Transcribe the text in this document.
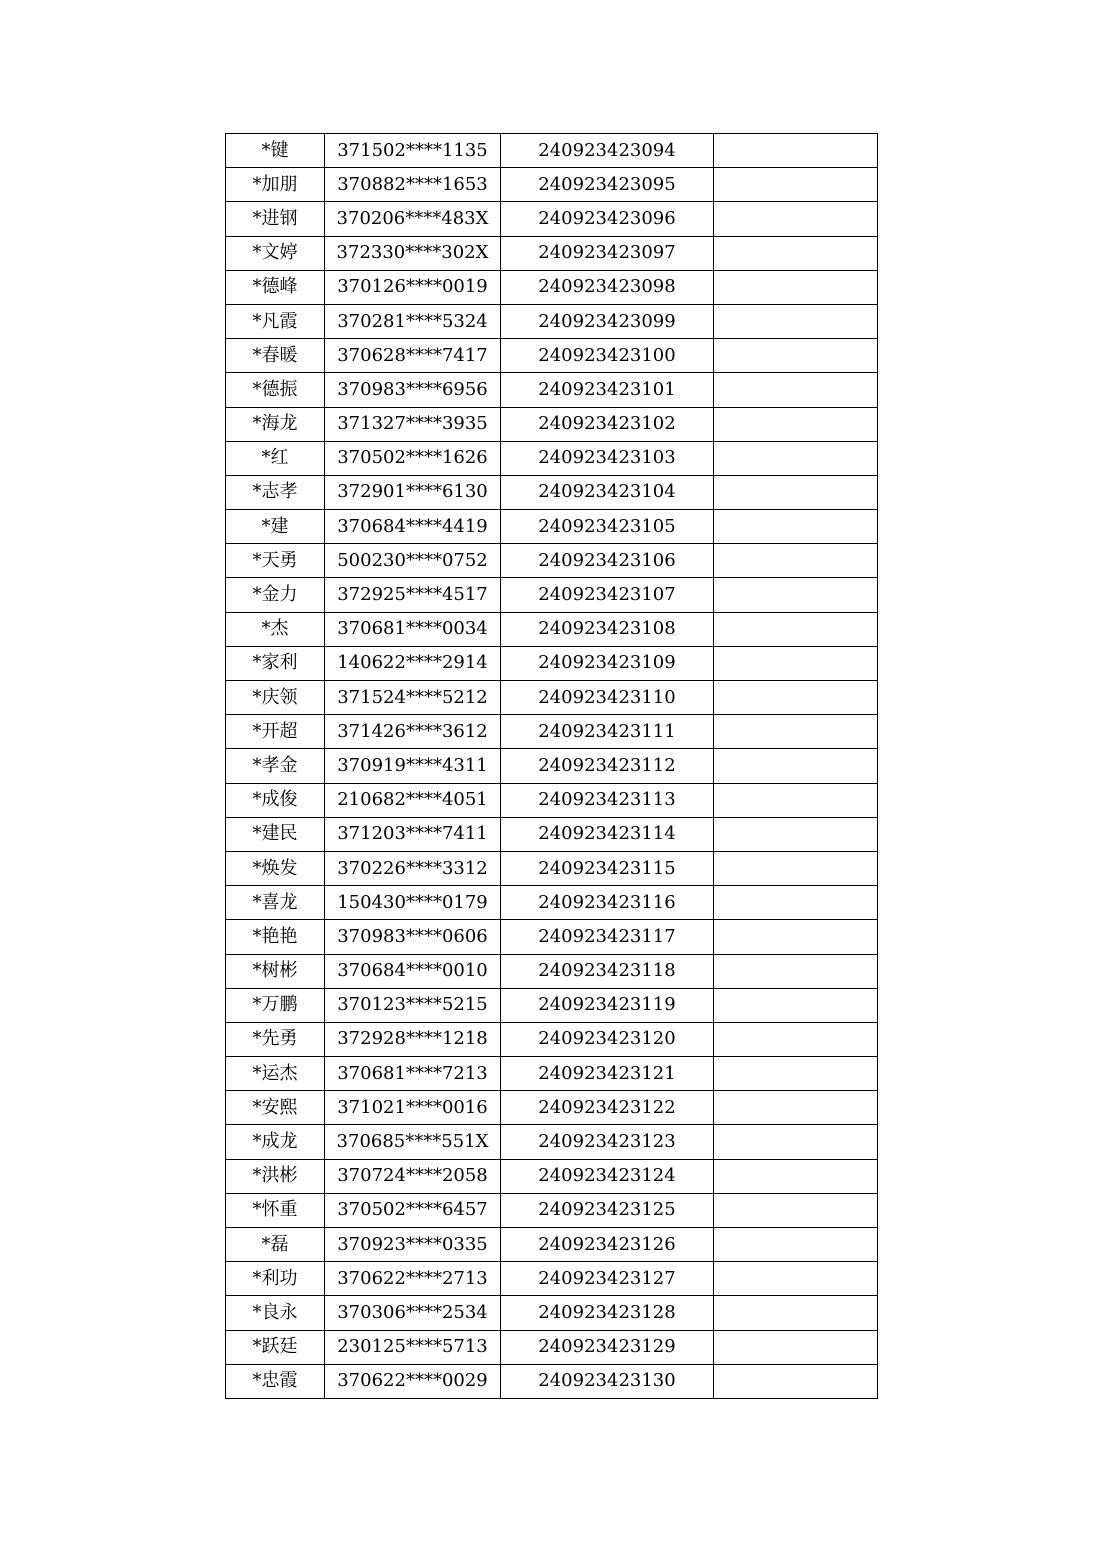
*键	371502****1135	240923423094	
*加朋	370882****1653	240923423095	
*进钢	370206****483X	240923423096	
*文婷	372330****302X	240923423097	
*德峰	370126****0019	240923423098	
*凡霞	370281****5324	240923423099	
*春暖	370628****7417	240923423100	
*德振	370983****6956	240923423101	
*海龙	371327****3935	240923423102	
*红	370502****1626	240923423103	
*志孝	372901****6130	240923423104	
*建	370684****4419	240923423105	
*天勇	500230****0752	240923423106	
*金力	372925****4517	240923423107	
*杰	370681****0034	240923423108	
*家利	140622****2914	240923423109	
*庆领	371524****5212	240923423110	
*开超	371426****3612	240923423111	
*孝金	370919****4311	240923423112	
*成俊	210682****4051	240923423113	
*建民	371203****7411	240923423114	
*焕发	370226****3312	240923423115	
*喜龙	150430****0179	240923423116	
*艳艳	370983****0606	240923423117	
*树彬	370684****0010	240923423118	
*万鹏	370123****5215	240923423119	
*先勇	372928****1218	240923423120	
*运杰	370681****7213	240923423121	
*安熙	371021****0016	240923423122	
*成龙	370685****551X	240923423123	
*洪彬	370724****2058	240923423124	
*怀重	370502****6457	240923423125	
*磊	370923****0335	240923423126	
*利功	370622****2713	240923423127	
*良永	370306****2534	240923423128	
*跃廷	230125****5713	240923423129	
*忠霞	370622****0029	240923423130	
